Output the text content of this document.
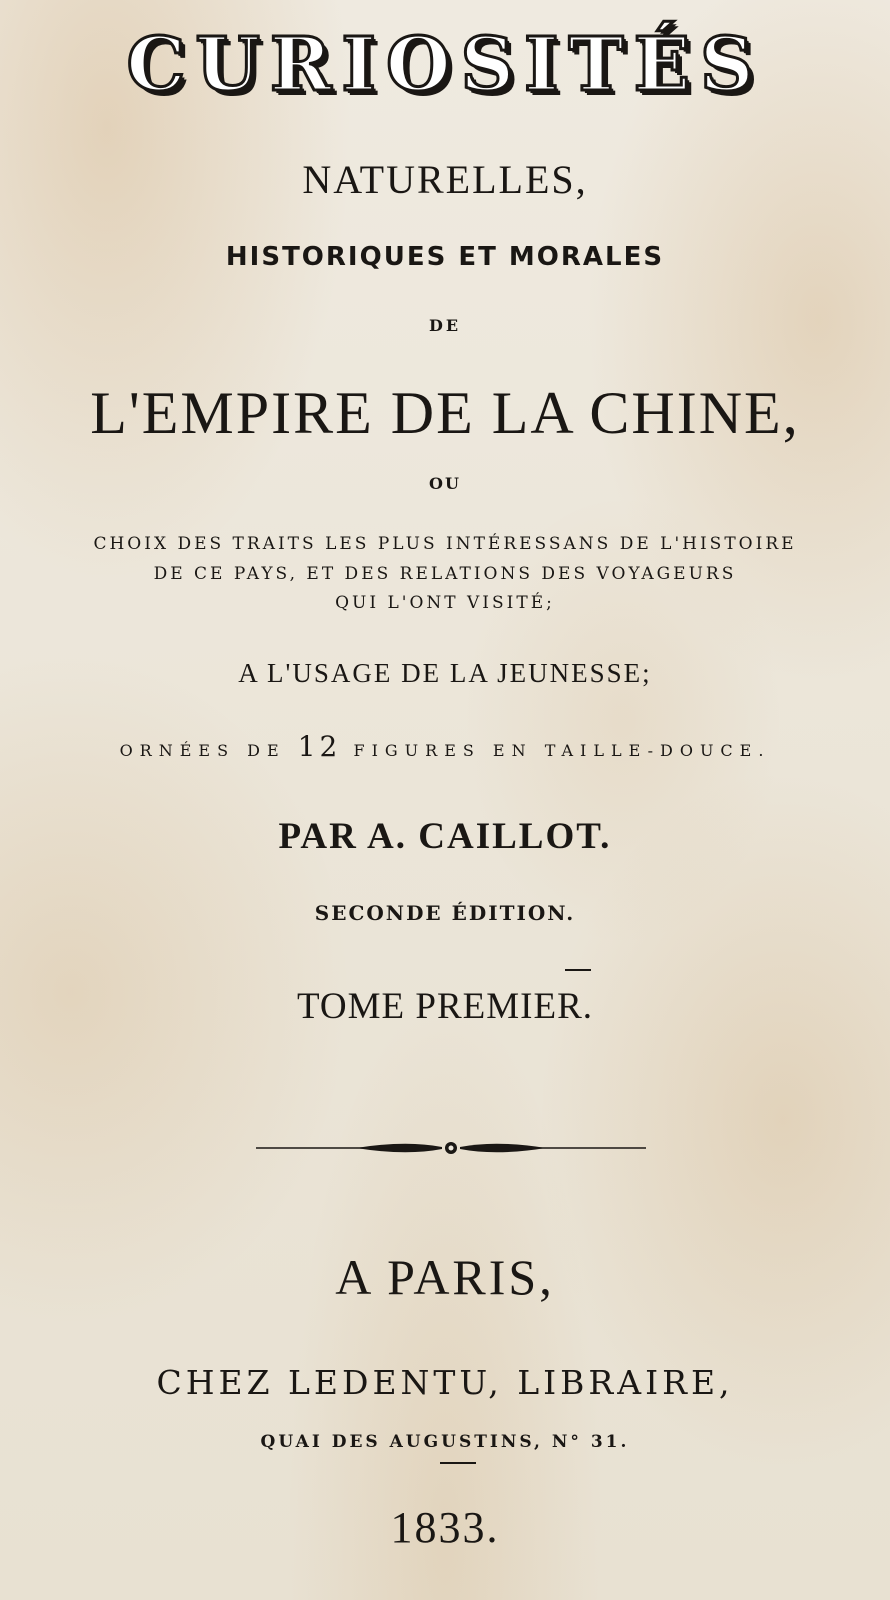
CURIOSITÉS
NATURELLES,
HISTORIQUES ET MORALES
DE
L'EMPIRE DE LA CHINE,
OU
CHOIX DES TRAITS LES PLUS INTÉRESSANS DE L'HISTOIRE
DE CE PAYS, ET DES RELATIONS DES VOYAGEURS
QUI L'ONT VISITÉ;
A L'USAGE DE LA JEUNESSE;
ORNÉES DE 12 FIGURES EN TAILLE-DOUCE.
PAR A. CAILLOT.
SECONDE ÉDITION.
TOME PREMIER.
A PARIS,
CHEZ LEDENTU, LIBRAIRE,
QUAI DES AUGUSTINS, N° 31.
1833.
